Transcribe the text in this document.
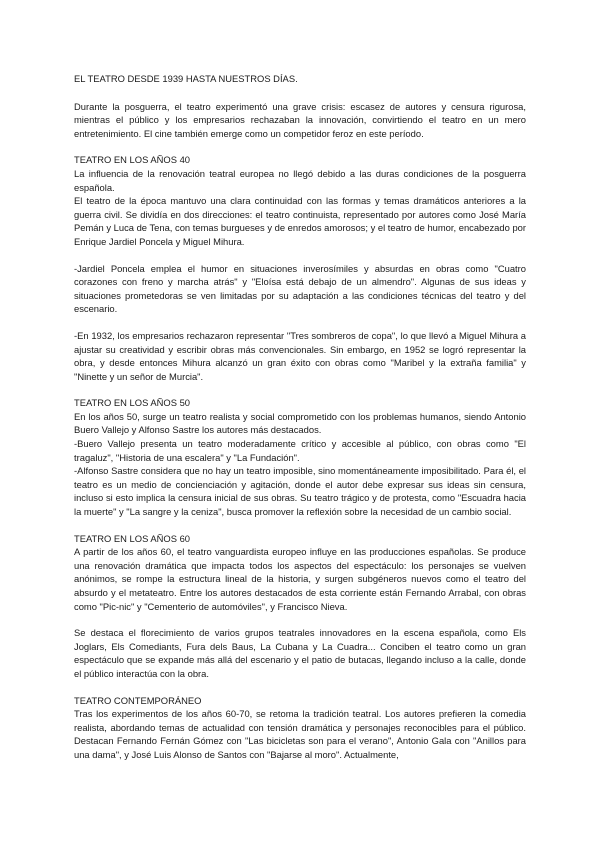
EL TEATRO DESDE 1939 HASTA NUESTROS DÍAS.

Durante la posguerra, el teatro experimentó una grave crisis: escasez de autores y censura rigurosa, mientras el público y los empresarios rechazaban la innovación, convirtiendo el teatro en un mero entretenimiento. El cine también emerge como un competidor feroz en este período.

TEATRO EN LOS AÑOS 40

La influencia de la renovación teatral europea no llegó debido a las duras condiciones de la posguerra española.

El teatro de la época mantuvo una clara continuidad con las formas y temas dramáticos anteriores a la guerra civil. Se dividía en dos direcciones: el teatro continuista, representado por autores como José María Pemán y Luca de Tena, con temas burgueses y de enredos amorosos; y el teatro de humor, encabezado por Enrique Jardiel Poncela y Miguel Mihura.

-Jardiel Poncela emplea el humor en situaciones inverosímiles y absurdas en obras como "Cuatro corazones con freno y marcha atrás" y "Eloísa está debajo de un almendro". Algunas de sus ideas y situaciones prometedoras se ven limitadas por su adaptación a las condiciones técnicas del teatro y del escenario.

-En 1932, los empresarios rechazaron representar "Tres sombreros de copa", lo que llevó a Miguel Mihura a ajustar su creatividad y escribir obras más convencionales. Sin embargo, en 1952 se logró representar la obra, y desde entonces Mihura alcanzó un gran éxito con obras como "Maribel y la extraña familia" y "Ninette y un señor de Murcia".

TEATRO EN LOS AÑOS 50

En los años 50, surge un teatro realista y social comprometido con los problemas humanos, siendo Antonio Buero Vallejo y Alfonso Sastre los autores más destacados.

-Buero Vallejo presenta un teatro moderadamente crítico y accesible al público, con obras como "El tragaluz", "Historia de una escalera" y "La Fundación".

-Alfonso Sastre considera que no hay un teatro imposible, sino momentáneamente imposibilitado. Para él, el teatro es un medio de concienciación y agitación, donde el autor debe expresar sus ideas sin censura, incluso si esto implica la censura inicial de sus obras. Su teatro trágico y de protesta, como "Escuadra hacia la muerte" y "La sangre y la ceniza", busca promover la reflexión sobre la necesidad de un cambio social.

TEATRO EN LOS AÑOS 60

A partir de los años 60, el teatro vanguardista europeo influye en las producciones españolas. Se produce una renovación dramática que impacta todos los aspectos del espectáculo: los personajes se vuelven anónimos, se rompe la estructura lineal de la historia, y surgen subgéneros nuevos como el teatro del absurdo y el metateatro. Entre los autores destacados de esta corriente están Fernando Arrabal, con obras como "Pic-nic" y "Cementerio de automóviles", y Francisco Nieva.

Se destaca el florecimiento de varios grupos teatrales innovadores en la escena española, como Els Joglars, Els Comediants, Fura dels Baus, La Cubana y La Cuadra... Conciben el teatro como un gran espectáculo que se expande más allá del escenario y el patio de butacas, llegando incluso a la calle, donde el público interactúa con la obra.

TEATRO CONTEMPORÁNEO

Tras los experimentos de los años 60-70, se retoma la tradición teatral. Los autores prefieren la comedia realista, abordando temas de actualidad con tensión dramática y personajes reconocibles para el público. Destacan Fernando Fernán Gómez con "Las bicicletas son para el verano", Antonio Gala con "Anillos para una dama", y José Luis Alonso de Santos con "Bajarse al moro". Actualmente,
